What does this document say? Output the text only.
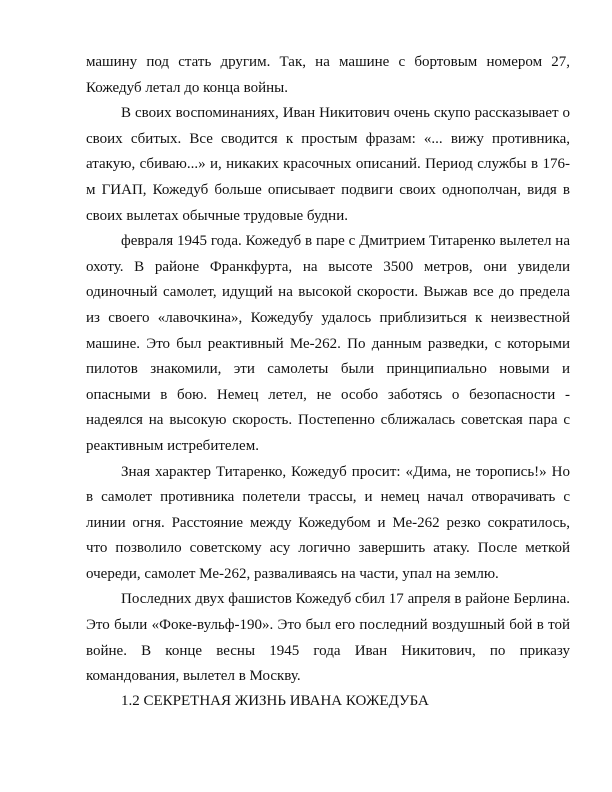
машину под стать другим. Так, на машине с бортовым номером 27, Кожедуб летал до конца войны.

В своих воспоминаниях, Иван Никитович очень скупо рассказывает о своих сбитых. Все сводится к простым фразам: «... вижу противника, атакую, сбиваю...» и, никаких красочных описаний. Период службы в 176-м ГИАП, Кожедуб больше описывает подвиги своих однополчан, видя в своих вылетах обычные трудовые будни.

февраля 1945 года. Кожедуб в паре с Дмитрием Титаренко вылетел на охоту. В районе Франкфурта, на высоте 3500 метров, они увидели одиночный самолет, идущий на высокой скорости. Выжав все до предела из своего «лавочкина», Кожедубу удалось приблизиться к неизвестной машине. Это был реактивный Ме-262. По данным разведки, с которыми пилотов знакомили, эти самолеты были принципиально новыми и опасными в бою. Немец летел, не особо заботясь о безопасности - надеялся на высокую скорость. Постепенно сближалась советская пара с реактивным истребителем.

Зная характер Титаренко, Кожедуб просит: «Дима, не торопись!» Но в самолет противника полетели трассы, и немец начал отворачивать с линии огня. Расстояние между Кожедубом и Ме-262 резко сократилось, что позволило советскому асу логично завершить атаку. После меткой очереди, самолет Ме-262, разваливаясь на части, упал на землю.

Последних двух фашистов Кожедуб сбил 17 апреля в районе Берлина. Это были «Фоке-вульф-190». Это был его последний воздушный бой в той войне. В конце весны 1945 года Иван Никитович, по приказу командования, вылетел в Москву.

1.2 СЕКРЕТНАЯ ЖИЗНЬ ИВАНА КОЖЕДУБА
